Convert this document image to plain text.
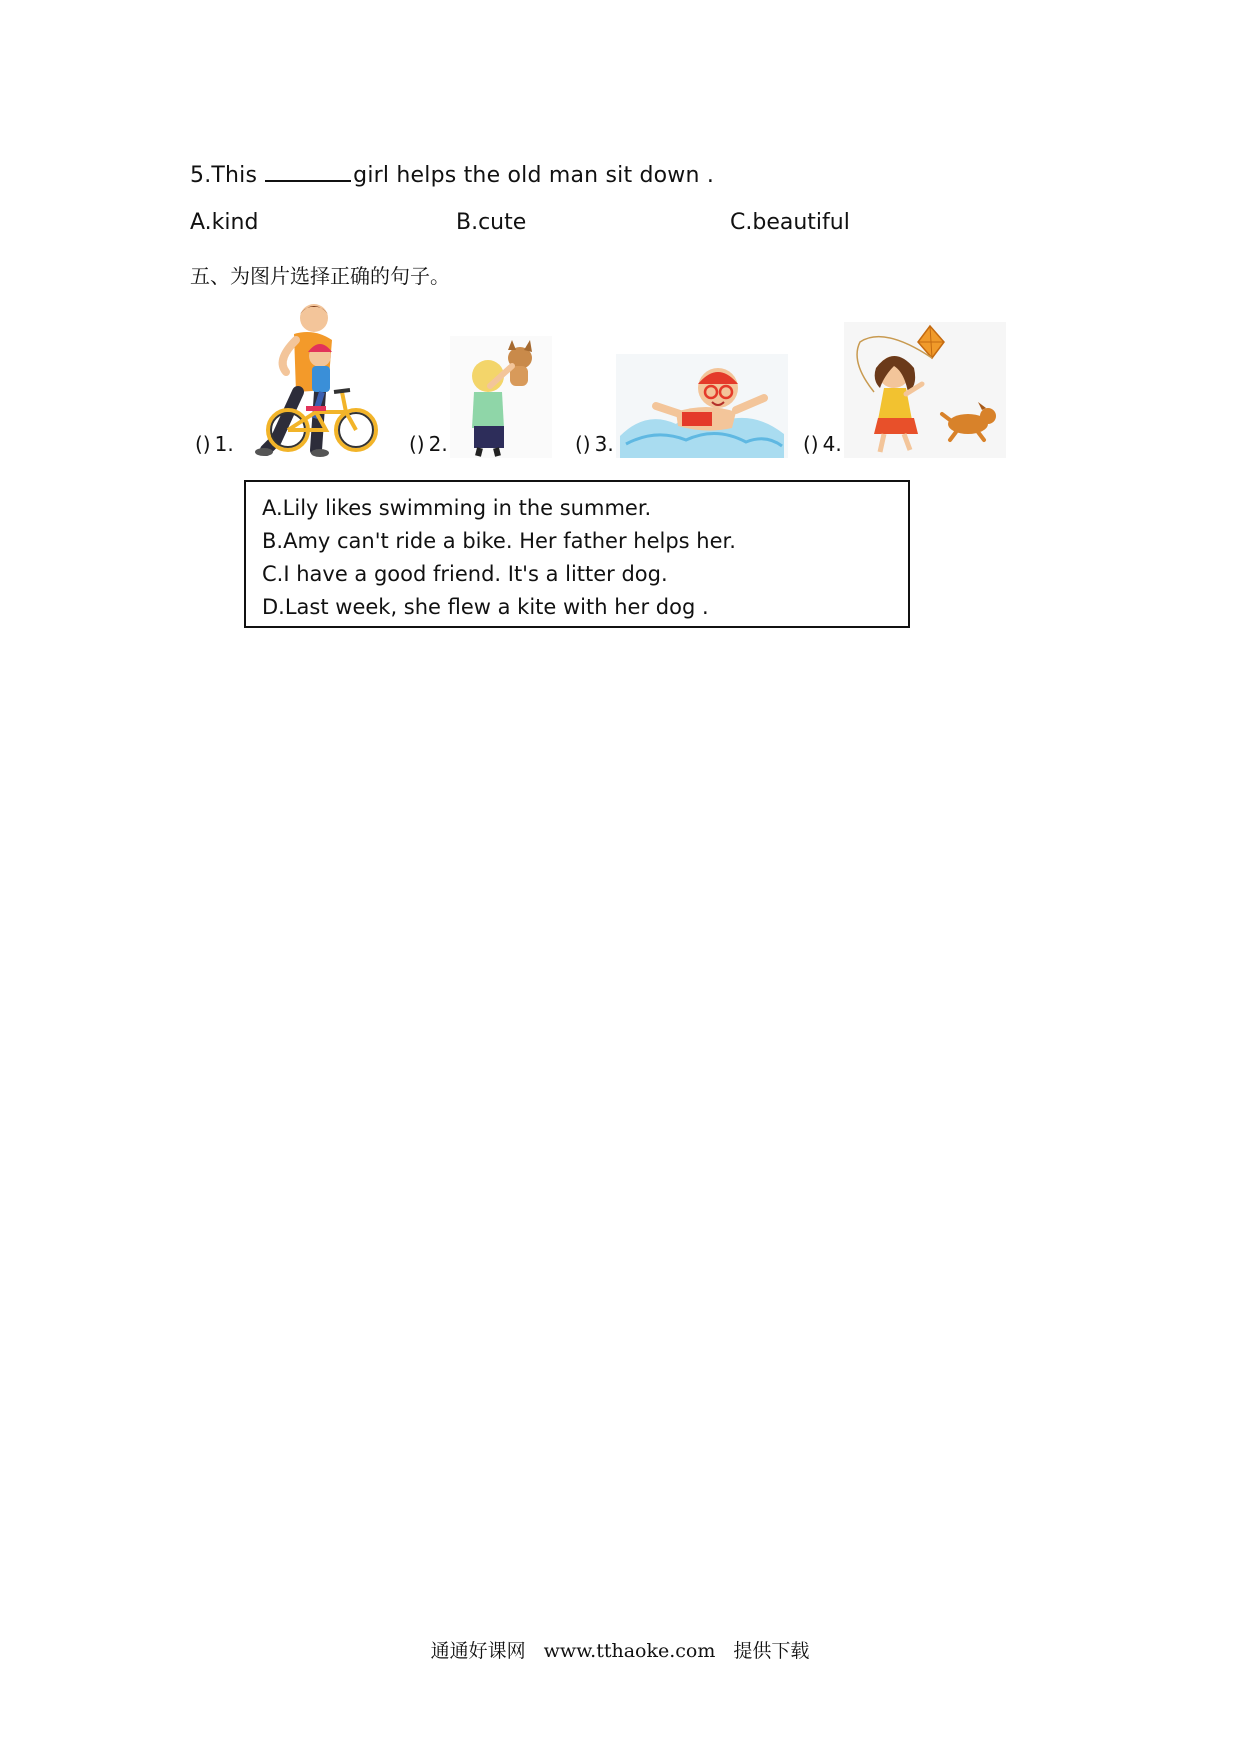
5.This	girl helps the old man sit down .
A.kind	B.cute	C.beautiful
五、为图片选择正确的句子。
() 1.	() 2.	() 3.	() 4.
A.Lily likes swimming in the summer.
B.Amy can't ride a bike. Her father helps her.
C.I have a good friend. It's a litter dog.
D.Last week, she flew a kite with her dog .
通通好课网 www.tthaoke.com 提供下载
